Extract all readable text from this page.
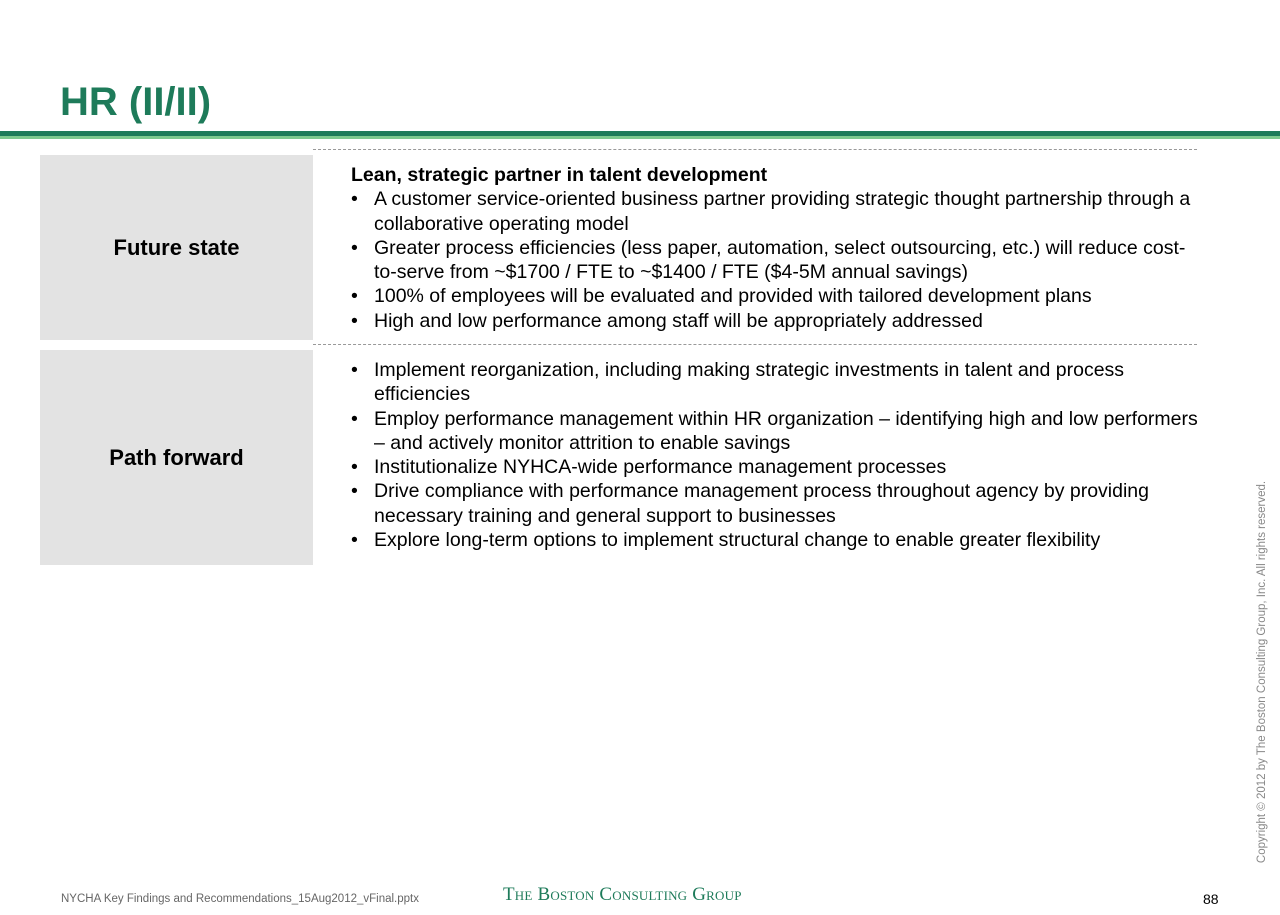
HR (II/II)
Future state
Lean, strategic partner in talent development
• A customer service-oriented business partner providing strategic thought partnership through a collaborative operating model
• Greater process efficiencies (less paper, automation, select outsourcing, etc.) will reduce cost-to-serve from ~$1700 / FTE to ~$1400 / FTE ($4-5M annual savings)
• 100% of employees will be evaluated and provided with tailored development plans
• High and low performance among staff will be appropriately addressed
Path forward
• Implement reorganization, including making strategic investments in talent and process efficiencies
• Employ performance management within HR organization – identifying high and low performers – and actively monitor attrition to enable savings
• Institutionalize NYHCA-wide performance management processes
• Drive compliance with performance management process throughout agency by providing necessary training and general support to businesses
• Explore long-term options to implement structural change to enable greater flexibility
NYCHA Key Findings and Recommendations_15Aug2012_vFinal.pptx	The Boston Consulting Group	88
Copyright © 2012 by The Boston Consulting Group, Inc. All rights reserved.
